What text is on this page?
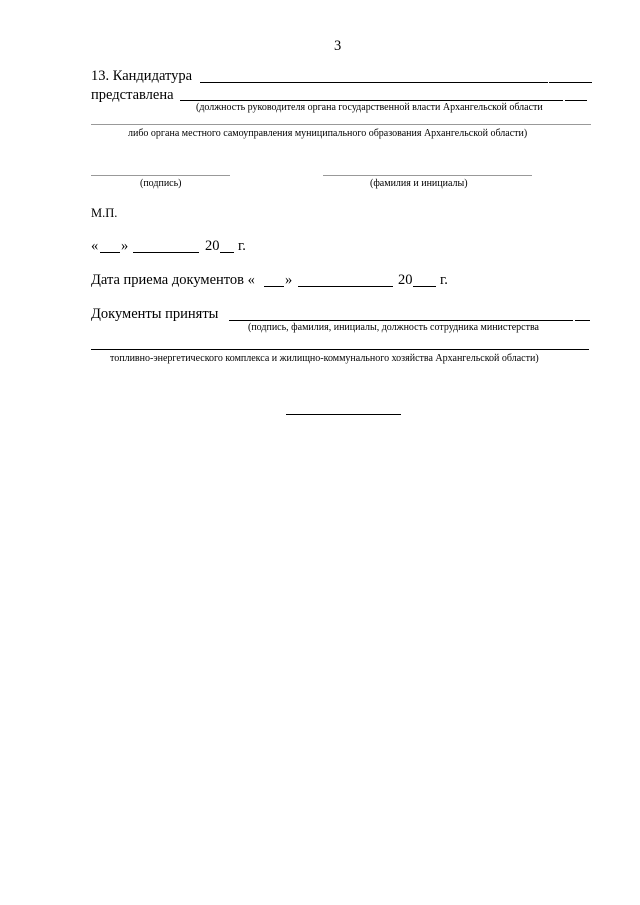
3
13. Кандидатура
представлена
(должность руководителя органа государственной власти Архангельской области
либо органа местного самоуправления муниципального образования Архангельской области)
(подпись)	(фамилия и инициалы)
М.П.
« »	20 г.
Дата приема документов « »	20 г.
Документы приняты
(подпись, фамилия, инициалы, должность сотрудника министерства
топливно-энергетического комплекса и жилищно-коммунального хозяйства Архангельской области)
